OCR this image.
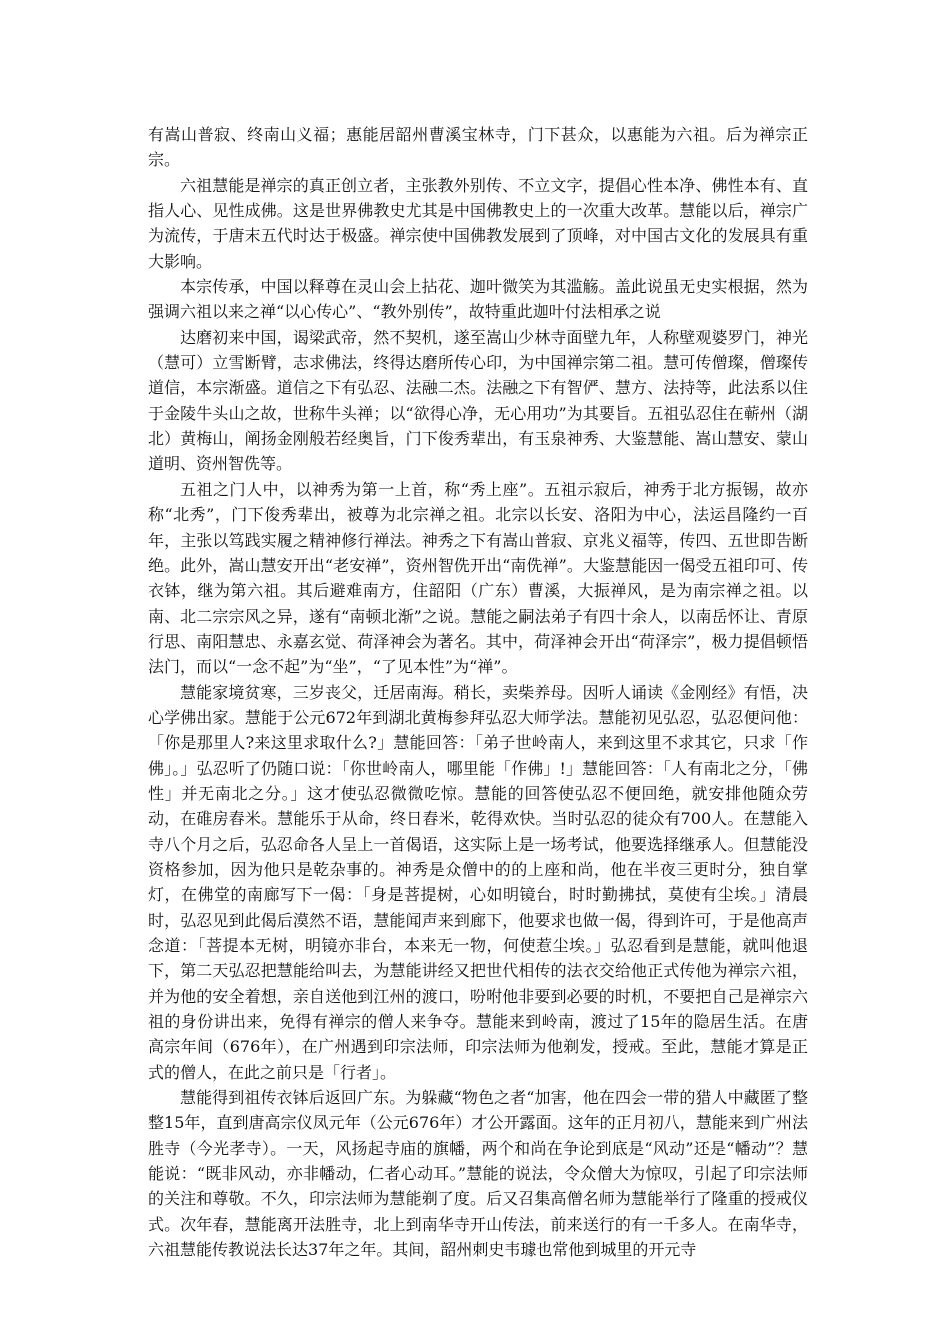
有嵩山普寂、终南山义福；惠能居韶州曹溪宝林寺，门下甚众，以惠能为六祖。后为禅宗正宗。

六祖慧能是禅宗的真正创立者，主张教外别传、不立文字，提倡心性本净、佛性本有、直指人心、见性成佛。这是世界佛教史尤其是中国佛教史上的一次重大改革。慧能以后，禅宗广为流传，于唐末五代时达于极盛。禅宗使中国佛教发展到了顶峰，对中国古文化的发展具有重大影响。

本宗传承，中国以释尊在灵山会上拈花、迦叶微笑为其滥觞。盖此说虽无史实根据，然为强调六祖以来之禅“以心传心”、“教外别传”，故特重此迦叶付法相承之说

达磨初来中国，谒梁武帝，然不契机，遂至嵩山少林寺面壁九年，人称壁观婆罗门，神光（慧可）立雪断臂，志求佛法，终得达磨所传心印，为中国禅宗第二祖。慧可传僧璨，僧璨传道信，本宗渐盛。道信之下有弘忍、法融二杰。法融之下有智俨、慧方、法持等，此法系以住于金陵牛头山之故，世称牛头禅；以“欲得心净，无心用功”为其要旨。五祖弘忍住在蕲州（湖北）黄梅山，阐扬金刚般若经奥旨，门下俊秀辈出，有玉泉神秀、大鉴慧能、嵩山慧安、蒙山道明、资州智侁等。

五祖之门人中，以神秀为第一上首，称“秀上座”。五祖示寂后，神秀于北方振锡，故亦称“北秀”，门下俊秀辈出，被尊为北宗禅之祖。北宗以长安、洛阳为中心，法运昌隆约一百年，主张以笃践实履之精神修行禅法。神秀之下有嵩山普寂、京兆义福等，传四、五世即告断绝。此外，嵩山慧安开出“老安禅”，资州智侁开出“南侁禅”。大鉴慧能因一偈受五祖印可、传衣钵，继为第六祖。其后避难南方，住韶阳（广东）曹溪，大振禅风，是为南宗禅之祖。以南、北二宗宗风之异，遂有“南顿北渐”之说。慧能之嗣法弟子有四十余人，以南岳怀让、青原行思、南阳慧忠、永嘉玄觉、荷泽神会为著名。其中，荷泽神会开出“荷泽宗”，极力提倡顿悟法门，而以“一念不起”为“坐”，“了见本性”为“禅”。

慧能家境贫寒，三岁丧父，迁居南海。稍长，卖柴养母。因听人诵读《金刚经》有悟，决心学佛出家。慧能于公元672年到湖北黄梅参拜弘忍大师学法。慧能初见弘忍，弘忍便问他：「你是那里人?来这里求取什么?」慧能回答：「弟子世岭南人，来到这里不求其它，只求「作佛」。」弘忍听了仍随口说：「你世岭南人，哪里能「作佛」!」慧能回答：「人有南北之分，「佛性」并无南北之分。」这才使弘忍微微吃惊。慧能的回答使弘忍不便回绝，就安排他随众劳动，在碓房舂米。慧能乐于从命，终日舂米，乾得欢快。当时弘忍的徒众有700人。在慧能入寺八个月之后，弘忍命各人呈上一首偈语，这实际上是一场考试，他要选择继承人。但慧能没资格参加，因为他只是乾杂事的。神秀是众僧中的的上座和尚，他在半夜三更时分，独自掌灯，在佛堂的南廊写下一偈：「身是菩提树，心如明镜台，时时勤拂拭，莫使有尘埃。」清晨时，弘忍见到此偈后漠然不语，慧能闻声来到廊下，他要求也做一偈，得到许可，于是他高声念道：「菩提本无树，明镜亦非台，本来无一物，何使惹尘埃。」弘忍看到是慧能，就叫他退下，第二天弘忍把慧能给叫去，为慧能讲经又把世代相传的法衣交给他正式传他为禅宗六祖，并为他的安全着想，亲自送他到江州的渡口，吩咐他非要到必要的时机，不要把自己是禅宗六祖的身份讲出来，免得有禅宗的僧人来争夺。慧能来到岭南，渡过了15年的隐居生活。在唐高宗年间（676年），在广州遇到印宗法师，印宗法师为他剃发，授戒。至此，慧能才算是正式的僧人，在此之前只是「行者」。

慧能得到祖传衣钵后返回广东。为躲藏“物色之者“加害，他在四会一带的猎人中藏匿了整整15年，直到唐高宗仪凤元年（公元676年）才公开露面。这年的正月初八，慧能来到广州法胜寺（今光孝寺）。一天，风扬起寺庙的旗幡，两个和尚在争论到底是“风动”还是“幡动”？慧能说：“既非风动，亦非幡动，仁者心动耳。”慧能的说法，令众僧大为惊叹，引起了印宗法师的关注和尊敬。不久，印宗法师为慧能剃了度。后又召集高僧名师为慧能举行了隆重的授戒仪式。次年春，慧能离开法胜寺，北上到南华寺开山传法，前来送行的有一千多人。在南华寺，六祖慧能传教说法长达37年之年。其间，韶州刺史韦璩也常他到城里的开元寺
